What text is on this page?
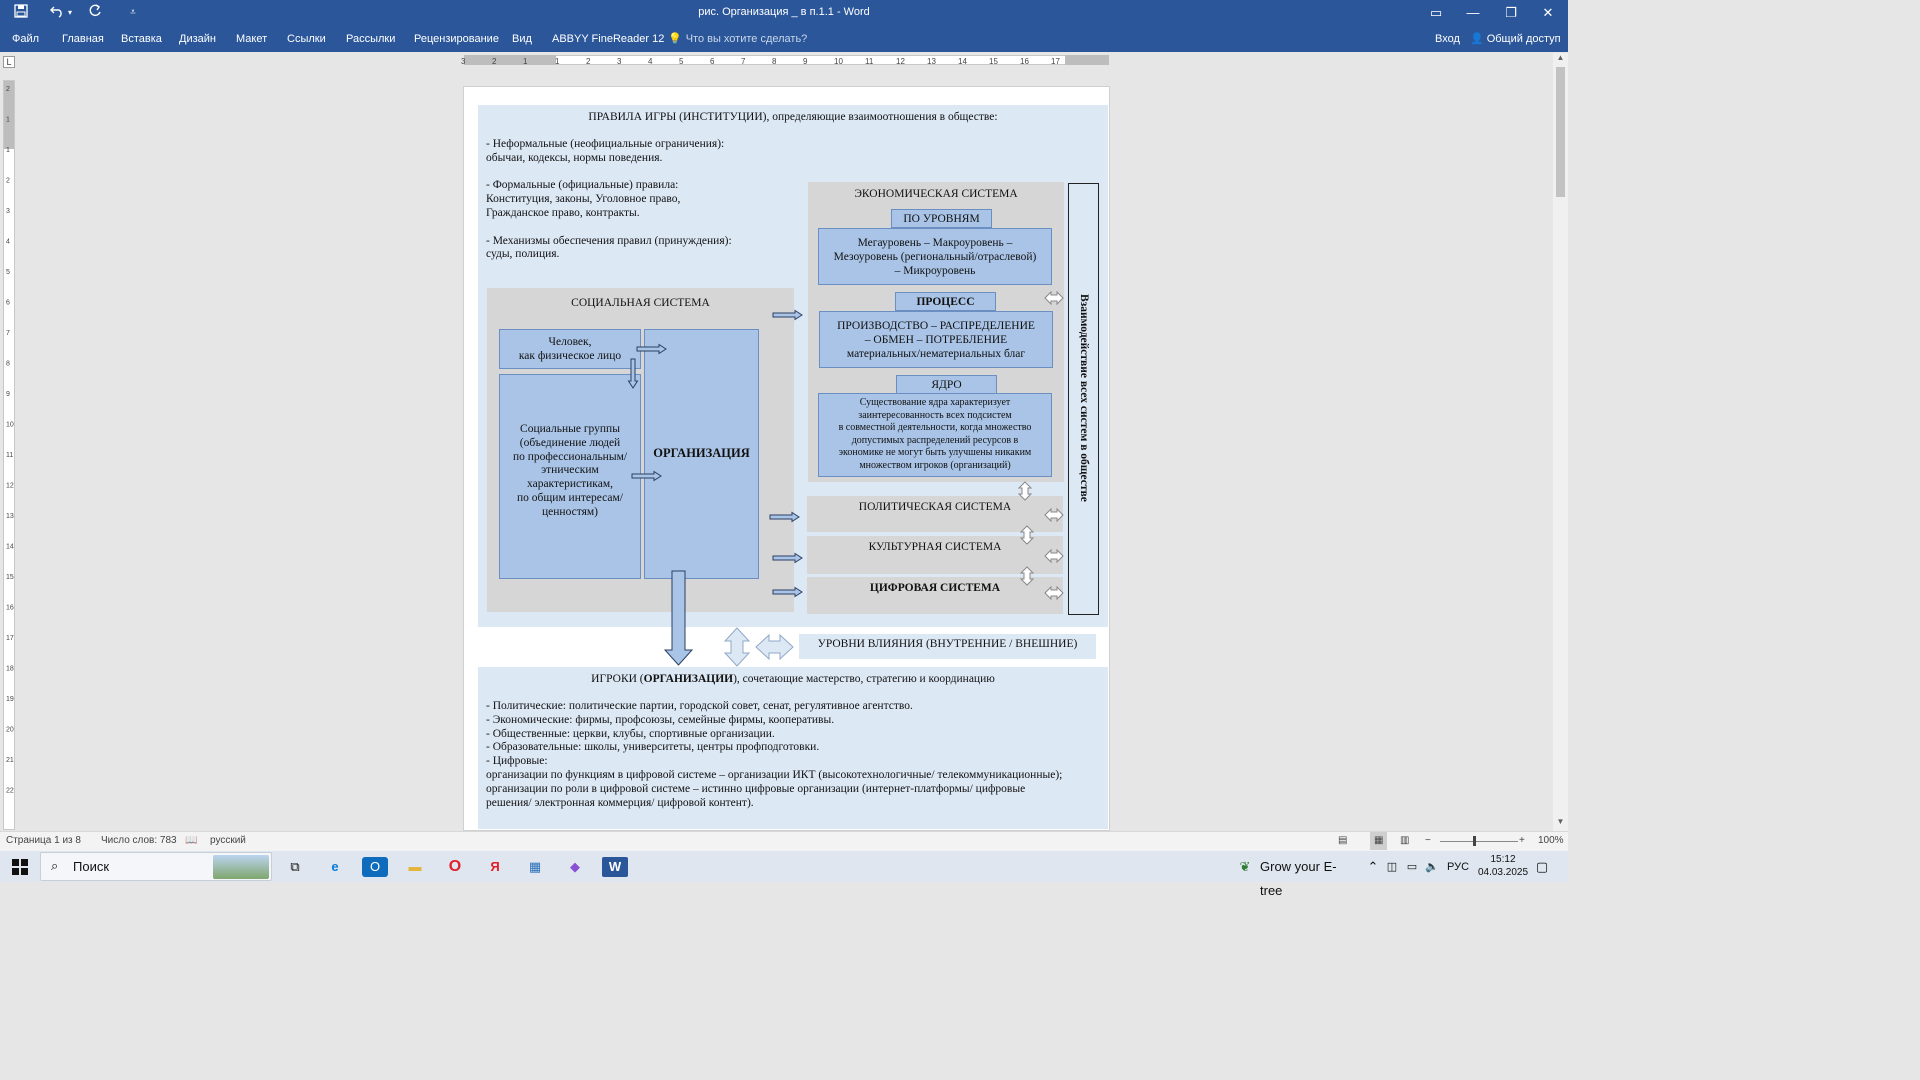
▾	⩡	рис. Организация _ в п.1.1 - Word	▭	—	❐	✕
Файл Главная Вставка Дизайн Макет Ссылки Рассылки Рецензирование Вид ABBYY FineReader 12 💡 Что вы хотите сделать?	Вход 👤 Общий доступ
L	3	2	1	1	2	3	4	5	6	7	8	9	10	11	12	13	14	15	16	17
2
1
1
2
3
4
5
6
7
8
9
10
11
12
13
14
15
16
17
18
19
20
21
22
▲
▼
ПРАВИЛА ИГРЫ (ИНСТИТУЦИИ), определяющие взаимоотношения в обществе:
- Неформальные (неофициальные ограничения):
обычаи, кодексы, нормы поведения.
- Формальные (официальные) правила:
Конституция, законы, Уголовное право,
Гражданское право, контракты.
- Механизмы обеспечения правил (принуждения):
суды, полиция.
СОЦИАЛЬНАЯ СИСТЕМА
Человек,
как физическое лицо
Социальные группы
(объединение людей
по профессиональным/
этническим
характеристикам,
по общим интересам/
ценностям)
ОРГАНИЗАЦИЯ
ЭКОНОМИЧЕСКАЯ СИСТЕМА
ПО УРОВНЯМ
Мегауровень – Макроуровень –
Мезоуровень (региональный/отраслевой)
– Микроуровень
ПРОЦЕСС
ПРОИЗВОДСТВО – РАСПРЕДЕЛЕНИЕ
– ОБМЕН – ПОТРЕБЛЕНИЕ
материальных/нематериальных благ
ЯДРО
Существование ядра характеризует
заинтересованность всех подсистем
в совместной деятельности, когда множество
допустимых распределений ресурсов в
экономике не могут быть улучшены никаким
множеством игроков (организаций)	Взаимодействие всех систем в обществе
ПОЛИТИЧЕСКАЯ СИСТЕМА
КУЛЬТУРНАЯ СИСТЕМА
ЦИФРОВАЯ СИСТЕМА
УРОВНИ ВЛИЯНИЯ (ВНУТРЕННИЕ / ВНЕШНИЕ)
ИГРОКИ (ОРГАНИЗАЦИИ), сочетающие мастерство, стратегию и координацию
- Политические: политические партии, городской совет, сенат, регулятивное агентство.
- Экономические: фирмы, профсоюзы, семейные фирмы, кооперативы.
- Общественные: церкви, клубы, спортивные организации.
- Образовательные: школы, университеты, центры профподготовки.
- Цифровые:
организации по функциям в цифровой системе – организации ИКТ (высокотехнологичные/ телекоммуникационные);
организации по роли в цифровой системе – истинно цифровые организации (интернет-платформы/ цифровые
решения/ электронная коммерция/ цифровой контент).
Страница 1 из 8 Число слов: 783 📖 русский	▤	▦	▥ −	+ 100%
⌕ Поиск	⧉	e	O	▬	O	Я	▦	◆	W	❦ Grow your E-tree
⌃ ◫ ▭ 🔈 РУС
15:12
04.03.2025 ▢
